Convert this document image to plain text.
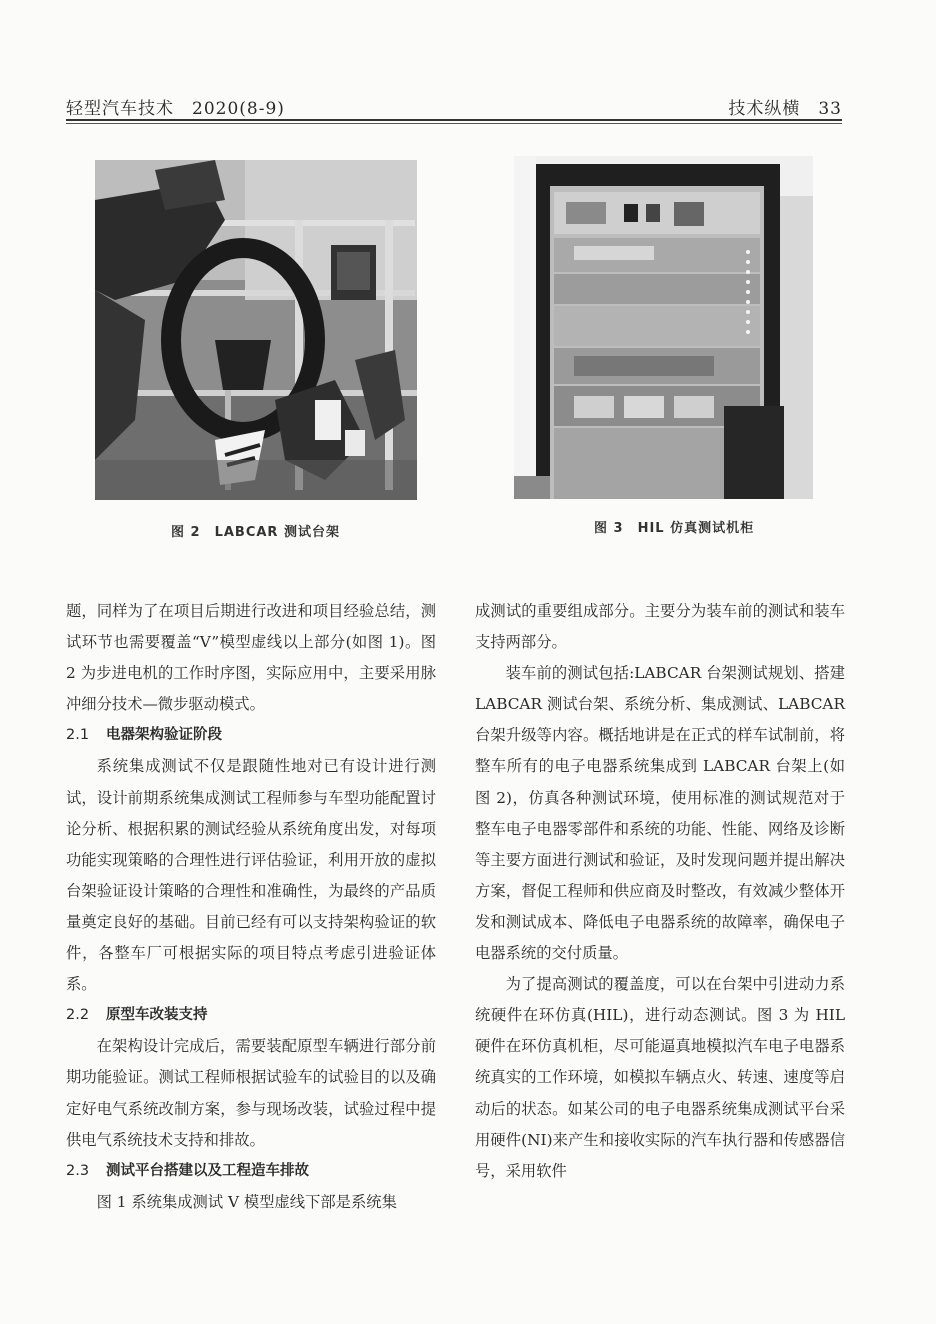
轻型汽车技术　2020(8-9)	技术纵横　33
图 2　LABCAR 测试台架	图 3　HIL 仿真测试机柜

题，同样为了在项目后期进行改进和项目经验总结，测试环节也需要覆盖“V”模型虚线以上部分(如图 1)。图 2 为步进电机的工作时序图，实际应用中，主要采用脉冲细分技术—微步驱动模式。

2.1 电器架构验证阶段

系统集成测试不仅是跟随性地对已有设计进行测试，设计前期系统集成测试工程师参与车型功能配置讨论分析、根据积累的测试经验从系统角度出发，对每项功能实现策略的合理性进行评估验证，利用开放的虚拟台架验证设计策略的合理性和准确性，为最终的产品质量奠定良好的基础。目前已经有可以支持架构验证的软件，各整车厂可根据实际的项目特点考虑引进验证体系。

2.2 原型车改装支持

在架构设计完成后，需要装配原型车辆进行部分前期功能验证。测试工程师根据试验车的试验目的以及确定好电气系统改制方案，参与现场改装，试验过程中提供电气系统技术支持和排故。

2.3 测试平台搭建以及工程造车排故

图 1 系统集成测试 V 模型虚线下部是系统集

成测试的重要组成部分。主要分为装车前的测试和装车支持两部分。

装车前的测试包括:LABCAR 台架测试规划、搭建 LABCAR 测试台架、系统分析、集成测试、LABCAR 台架升级等内容。概括地讲是在正式的样车试制前，将整车所有的电子电器系统集成到 LABCAR 台架上(如图 2)，仿真各种测试环境，使用标准的测试规范对于整车电子电器零部件和系统的功能、性能、网络及诊断等主要方面进行测试和验证，及时发现问题并提出解决方案，督促工程师和供应商及时整改，有效减少整体开发和测试成本、降低电子电器系统的故障率，确保电子电器系统的交付质量。

为了提高测试的覆盖度，可以在台架中引进动力系统硬件在环仿真(HIL)，进行动态测试。图 3 为 HIL 硬件在环仿真机柜，尽可能逼真地模拟汽车电子电器系统真实的工作环境，如模拟车辆点火、转速、速度等启动后的状态。如某公司的电子电器系统集成测试平台采用硬件(NI)来产生和接收实际的汽车执行器和传感器信号，采用软件
